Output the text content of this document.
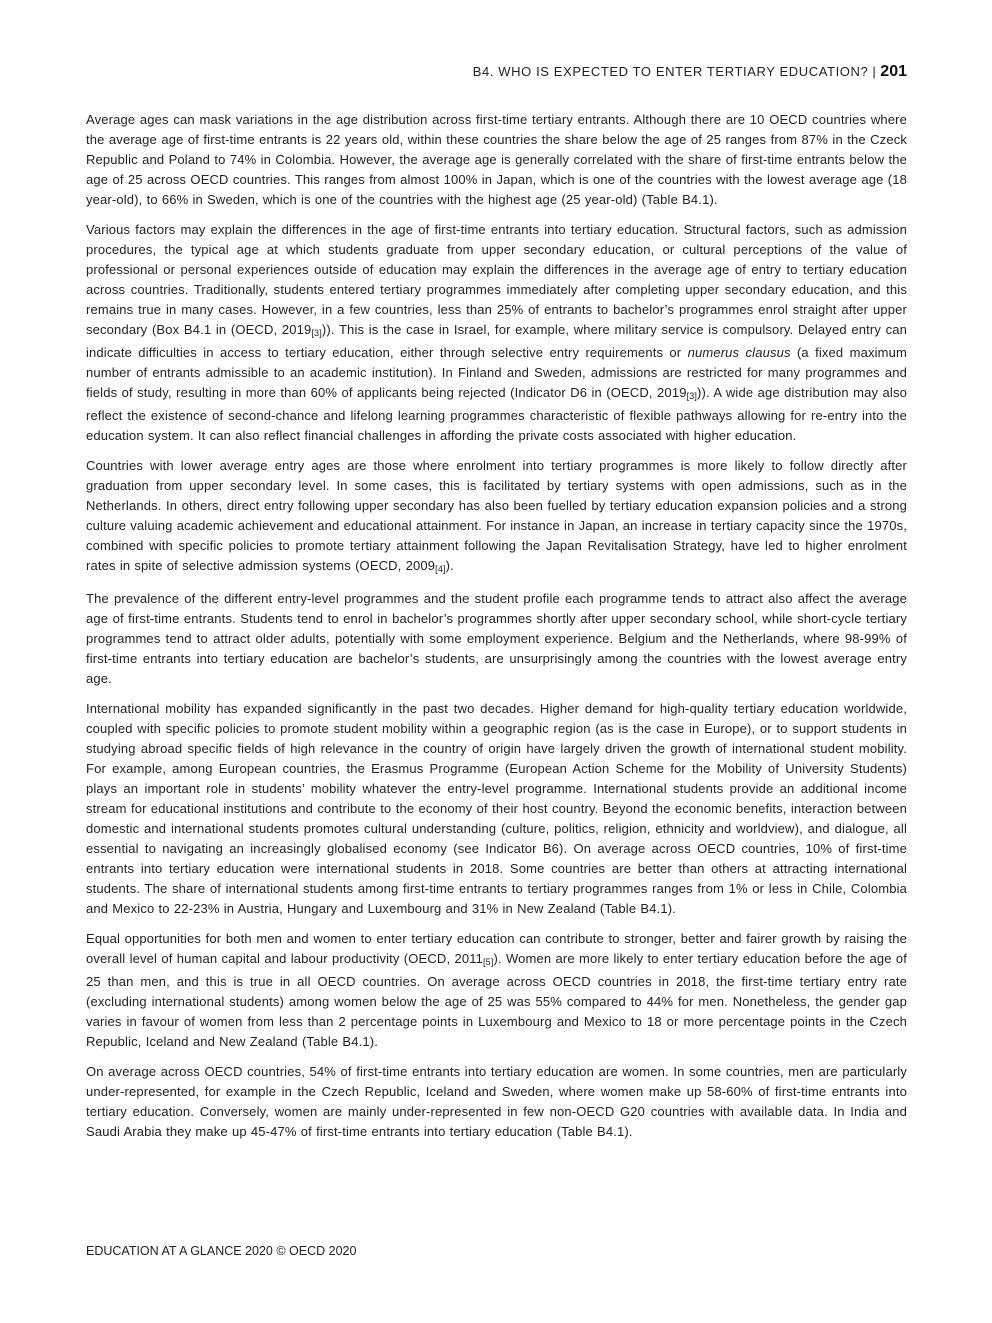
B4. WHO IS EXPECTED TO ENTER TERTIARY EDUCATION? | 201

Average ages can mask variations in the age distribution across first-time tertiary entrants. Although there are 10 OECD countries where the average age of first-time entrants is 22 years old, within these countries the share below the age of 25 ranges from 87% in the Czeck Republic and Poland to 74% in Colombia. However, the average age is generally correlated with the share of first-time entrants below the age of 25 across OECD countries. This ranges from almost 100% in Japan, which is one of the countries with the lowest average age (18 year-old), to 66% in Sweden, which is one of the countries with the highest age (25 year-old) (Table B4.1).

Various factors may explain the differences in the age of first-time entrants into tertiary education. Structural factors, such as admission procedures, the typical age at which students graduate from upper secondary education, or cultural perceptions of the value of professional or personal experiences outside of education may explain the differences in the average age of entry to tertiary education across countries. Traditionally, students entered tertiary programmes immediately after completing upper secondary education, and this remains true in many cases. However, in a few countries, less than 25% of entrants to bachelor’s programmes enrol straight after upper secondary (Box B4.1 in (OECD, 2019[3])). This is the case in Israel, for example, where military service is compulsory. Delayed entry can indicate difficulties in access to tertiary education, either through selective entry requirements or numerus clausus (a fixed maximum number of entrants admissible to an academic institution). In Finland and Sweden, admissions are restricted for many programmes and fields of study, resulting in more than 60% of applicants being rejected (Indicator D6 in (OECD, 2019[3])). A wide age distribution may also reflect the existence of second-chance and lifelong learning programmes characteristic of flexible pathways allowing for re-entry into the education system. It can also reflect financial challenges in affording the private costs associated with higher education.

Countries with lower average entry ages are those where enrolment into tertiary programmes is more likely to follow directly after graduation from upper secondary level. In some cases, this is facilitated by tertiary systems with open admissions, such as in the Netherlands. In others, direct entry following upper secondary has also been fuelled by tertiary education expansion policies and a strong culture valuing academic achievement and educational attainment. For instance in Japan, an increase in tertiary capacity since the 1970s, combined with specific policies to promote tertiary attainment following the Japan Revitalisation Strategy, have led to higher enrolment rates in spite of selective admission systems (OECD, 2009[4]).

The prevalence of the different entry-level programmes and the student profile each programme tends to attract also affect the average age of first-time entrants. Students tend to enrol in bachelor’s programmes shortly after upper secondary school, while short-cycle tertiary programmes tend to attract older adults, potentially with some employment experience. Belgium and the Netherlands, where 98-99% of first-time entrants into tertiary education are bachelor’s students, are unsurprisingly among the countries with the lowest average entry age.

International mobility has expanded significantly in the past two decades. Higher demand for high-quality tertiary education worldwide, coupled with specific policies to promote student mobility within a geographic region (as is the case in Europe), or to support students in studying abroad specific fields of high relevance in the country of origin have largely driven the growth of international student mobility. For example, among European countries, the Erasmus Programme (European Action Scheme for the Mobility of University Students) plays an important role in students’ mobility whatever the entry-level programme. International students provide an additional income stream for educational institutions and contribute to the economy of their host country. Beyond the economic benefits, interaction between domestic and international students promotes cultural understanding (culture, politics, religion, ethnicity and worldview), and dialogue, all essential to navigating an increasingly globalised economy (see Indicator B6). On average across OECD countries, 10% of first-time entrants into tertiary education were international students in 2018. Some countries are better than others at attracting international students. The share of international students among first-time entrants to tertiary programmes ranges from 1% or less in Chile, Colombia and Mexico to 22-23% in Austria, Hungary and Luxembourg and 31% in New Zealand (Table B4.1).

Equal opportunities for both men and women to enter tertiary education can contribute to stronger, better and fairer growth by raising the overall level of human capital and labour productivity (OECD, 2011[5]). Women are more likely to enter tertiary education before the age of 25 than men, and this is true in all OECD countries. On average across OECD countries in 2018, the first-time tertiary entry rate (excluding international students) among women below the age of 25 was 55% compared to 44% for men. Nonetheless, the gender gap varies in favour of women from less than 2 percentage points in Luxembourg and Mexico to 18 or more percentage points in the Czech Republic, Iceland and New Zealand (Table B4.1).

On average across OECD countries, 54% of first-time entrants into tertiary education are women. In some countries, men are particularly under-represented, for example in the Czech Republic, Iceland and Sweden, where women make up 58-60% of first-time entrants into tertiary education. Conversely, women are mainly under-represented in few non-OECD G20 countries with available data. In India and Saudi Arabia they make up 45-47% of first-time entrants into tertiary education (Table B4.1).

EDUCATION AT A GLANCE 2020 © OECD 2020
